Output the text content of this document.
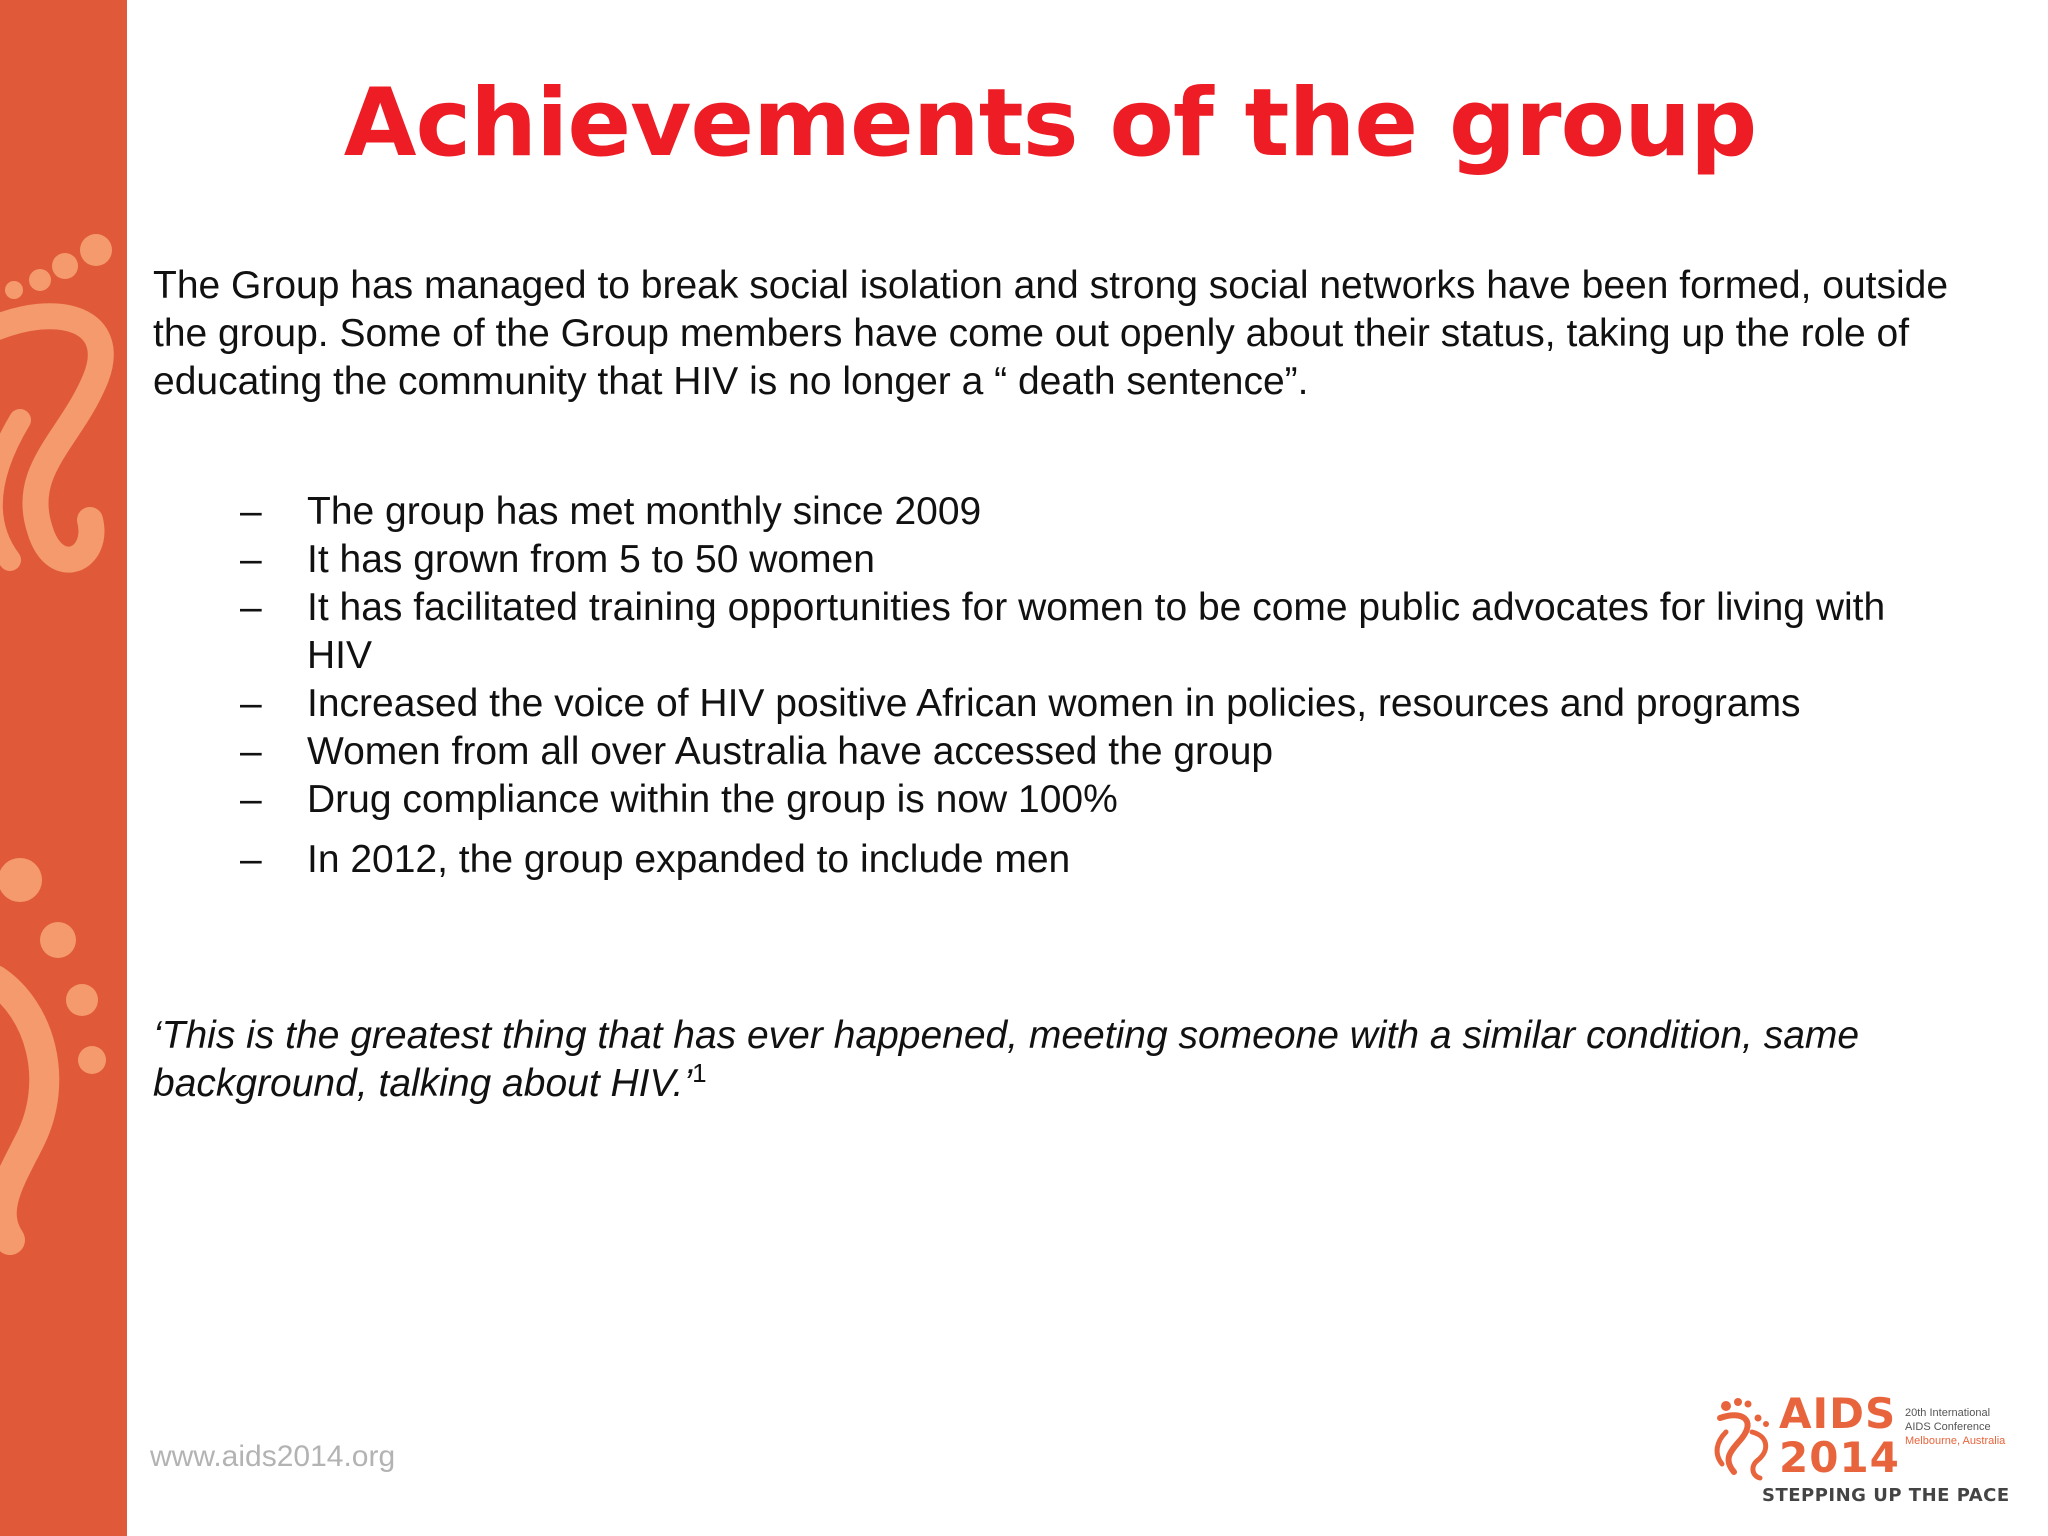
Achievements of the group
The Group has managed to break social isolation and strong social networks have been formed, outside the group. Some of the Group members have come out openly about their status, taking up the role of educating the community that HIV is no longer a “ death sentence”.
– The group has met monthly since 2009
– It has grown from 5 to 50 women
– It has facilitated training opportunities for women to be come public advocates for living with HIV
– Increased the voice of HIV positive African women in policies, resources and programs
– Women from all over Australia have accessed the group
– Drug compliance within the group is now 100%
– In 2012, the group expanded to include men
‘This is the greatest thing that has ever happened, meeting someone with a similar condition, same background, talking about HIV.’$^1$
www.aids2014.org
AIDS
2014
20th International
AIDS Conference
Melbourne, Australia
STEPPING UP THE PACE
